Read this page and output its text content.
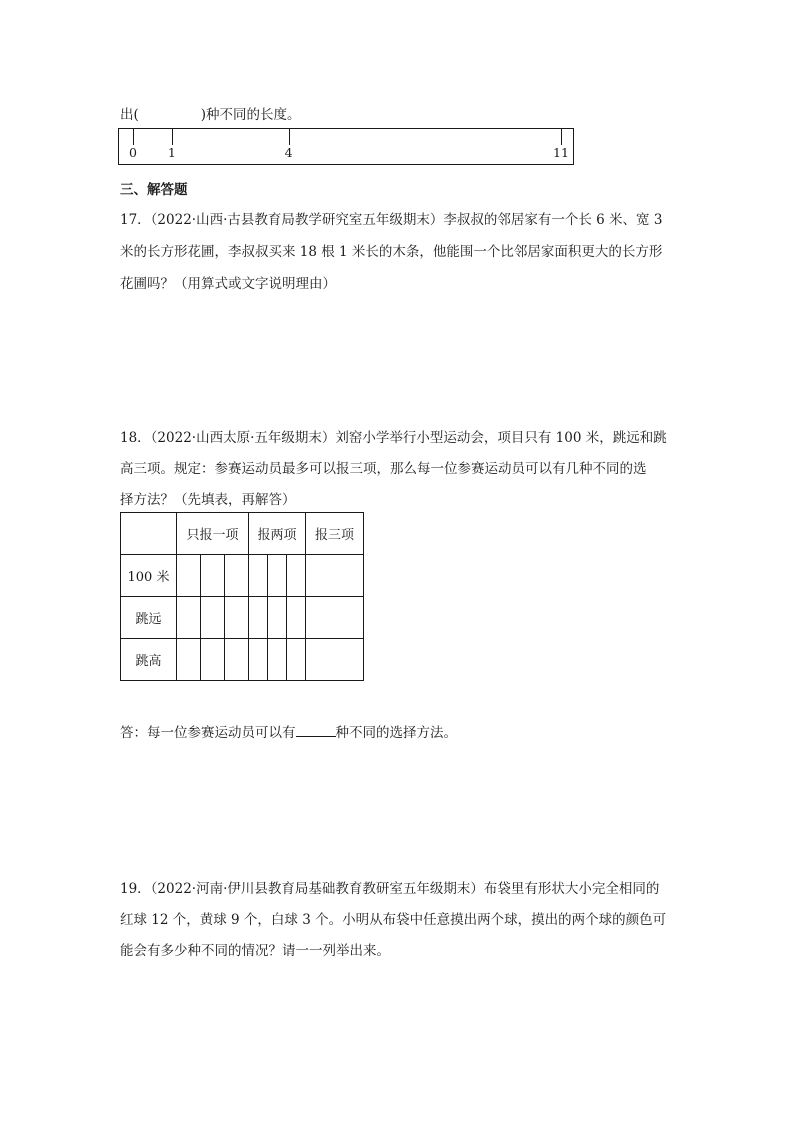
出(	)种不同的长度。
0 1	4	11
三、解答题
17．（2022·山西·古县教育局教学研究室五年级期末）李叔叔的邻居家有一个长 6 米、宽 3
米的长方形花圃，李叔叔买来 18 根 1 米长的木条，他能围一个比邻居家面积更大的长方形
花圃吗？（用算式或文字说明理由）
18．（2022·山西太原·五年级期末）刘窑小学举行小型运动会，项目只有 100 米，跳远和跳
高三项。规定：参赛运动员最多可以报三项，那么每一位参赛运动员可以有几种不同的选
择方法？（先填表，再解答）
	只报一项			报两项			报三项
100 米							
跳远							
跳高							
答：每一位参赛运动员可以有	种不同的选择方法。
19．（2022·河南·伊川县教育局基础教育教研室五年级期末）布袋里有形状大小完全相同的
红球 12 个，黄球 9 个，白球 3 个。小明从布袋中任意摸出两个球，摸出的两个球的颜色可
能会有多少种不同的情况？请一一列举出来。
